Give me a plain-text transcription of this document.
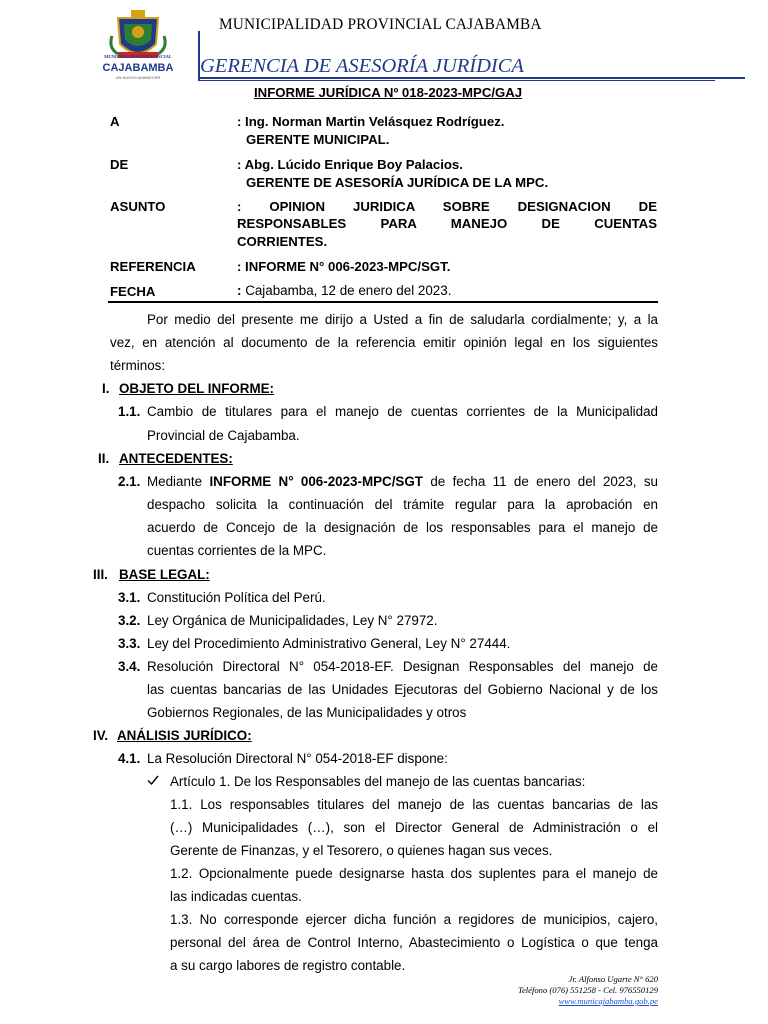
MUNICIPALIDAD PROVINCIAL
CAJABAMBA
UN NUEVO AMANECER
MUNICIPALIDAD PROVINCIAL CAJABAMBA
GERENCIA DE ASESORÍA JURÍDICA
INFORME JURÍDICA Nº 018-2023-MPC/GAJ
A	: Ing. Norman Martin Velásquez Rodríguez.
GERENTE MUNICIPAL.
DE	: Abg. Lúcido Enrique Boy Palacios.
GERENTE DE ASESORÍA JURÍDICA DE LA MPC.
ASUNTO	: OPINION JURIDICA SOBRE DESIGNACION DE
RESPONSABLES PARA MANEJO DE CUENTAS
CORRIENTES.
REFERENCIA	: INFORME N° 006-2023-MPC/SGT.
FECHA	: Cajabamba, 12 de enero del 2023.
Por medio del presente me dirijo a Usted a fin de saludarla cordialmente; y, a la
vez, en atención al documento de la referencia emitir opinión legal en los siguientes
términos:
I. OBJETO DEL INFORME:
1.1. Cambio de titulares para el manejo de cuentas corrientes de la Municipalidad
Provincial de Cajabamba.
II. ANTECEDENTES:
2.1. Mediante INFORME N° 006-2023-MPC/SGT de fecha 11 de enero del 2023, su
despacho solicita la continuación del trámite regular para la aprobación en
acuerdo de Concejo de la designación de los responsables para el manejo de
cuentas corrientes de la MPC.
III. BASE LEGAL:
3.1. Constitución Política del Perú.
3.2. Ley Orgánica de Municipalidades, Ley N° 27972.
3.3. Ley del Procedimiento Administrativo General, Ley N° 27444.
3.4. Resolución Directoral N° 054-2018-EF. Designan Responsables del manejo de
las cuentas bancarias de las Unidades Ejecutoras del Gobierno Nacional y de los
Gobiernos Regionales, de las Municipalidades y otros
IV. ANÁLISIS JURÍDICO:
4.1. La Resolución Directoral N° 054-2018-EF dispone:
Artículo 1. De los Responsables del manejo de las cuentas bancarias:
1.1. Los responsables titulares del manejo de las cuentas bancarias de las
(…) Municipalidades (…), son el Director General de Administración o el
Gerente de Finanzas, y el Tesorero, o quienes hagan sus veces.
1.2. Opcionalmente puede designarse hasta dos suplentes para el manejo de
las indicadas cuentas.
1.3. No corresponde ejercer dicha función a regidores de municipios, cajero,
personal del área de Control Interno, Abastecimiento o Logística o que tenga
a su cargo labores de registro contable.
Jr. Alfonso Ugarte N° 620
Teléfono (076) 551258 - Cel. 976550129
www.municajabamba.gob.pe
